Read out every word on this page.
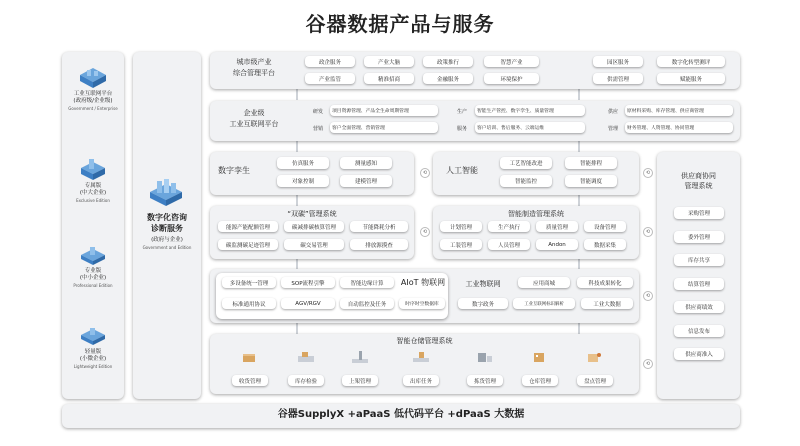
谷器数据产品与服务
工业互联网平台
(政府级/企业级)
Government / Enterprise
专属版
(中大企业)
Exclusive Edition
专业版
(中小企业)
Professional Edition
轻量版
(小微企业)
Lightweight Edition
数字化咨询
诊断服务
(政府与企业)
Government and Edition
城市级产业
综合管理平台
政企服务	产业大脑	政策推行	智慧产业	园区服务	数字化转型测评
产业监管	精准招商	金融服务	环境保护	供需管理	赋能服务
企业级
工业互联网平台
研发	项目资源管理、产品全生命周期管理	生产	智能生产管控、数字孪生、质量管理	供应	原材料采购、库存管理、供应商管理
营销	客户全面管理、营销管理	服务	客户培训、售后服务、云端运维	管理	财务管理、人资管理、协同管理
数字孪生
仿真服务	测量感知
对象控制	建模管理
⟲	人工智能
工艺智能改进	智能排程
智能监控	智能调度
⟲	供应商协同
管理系统
采购管理
委外管理
库存共享
结算管理
供应商绩效
信息发布
供应商准入
“双碳”管理系统
能源产能配额管理	碳减排碳核算管理	节能降耗分析
碳监测碳足迹管理	碳交易管理	排放源摸查
⟲
智能制造管理系统
计划管理	生产执行	质量管理	设备管理
工装管理	人员管理	Andon	数据采集
⟲
AIoT 物联网
多设备统一管理	SOP流程引擎	智能边缘计算
标准通用协议	AGV/RGV	自动监控及任务	时序时空数据库
工业物联网	应用商城	科技成果转化
数字政务	工业互联网标识解析	工业大数据
⟲
智能仓储管理系统
收货管理	库存检验	上架管理	出库任务	拣货管理	仓库管理	盘点管理
⟲
谷器SupplyX +aPaaS 低代码平台 +dPaaS 大数据
